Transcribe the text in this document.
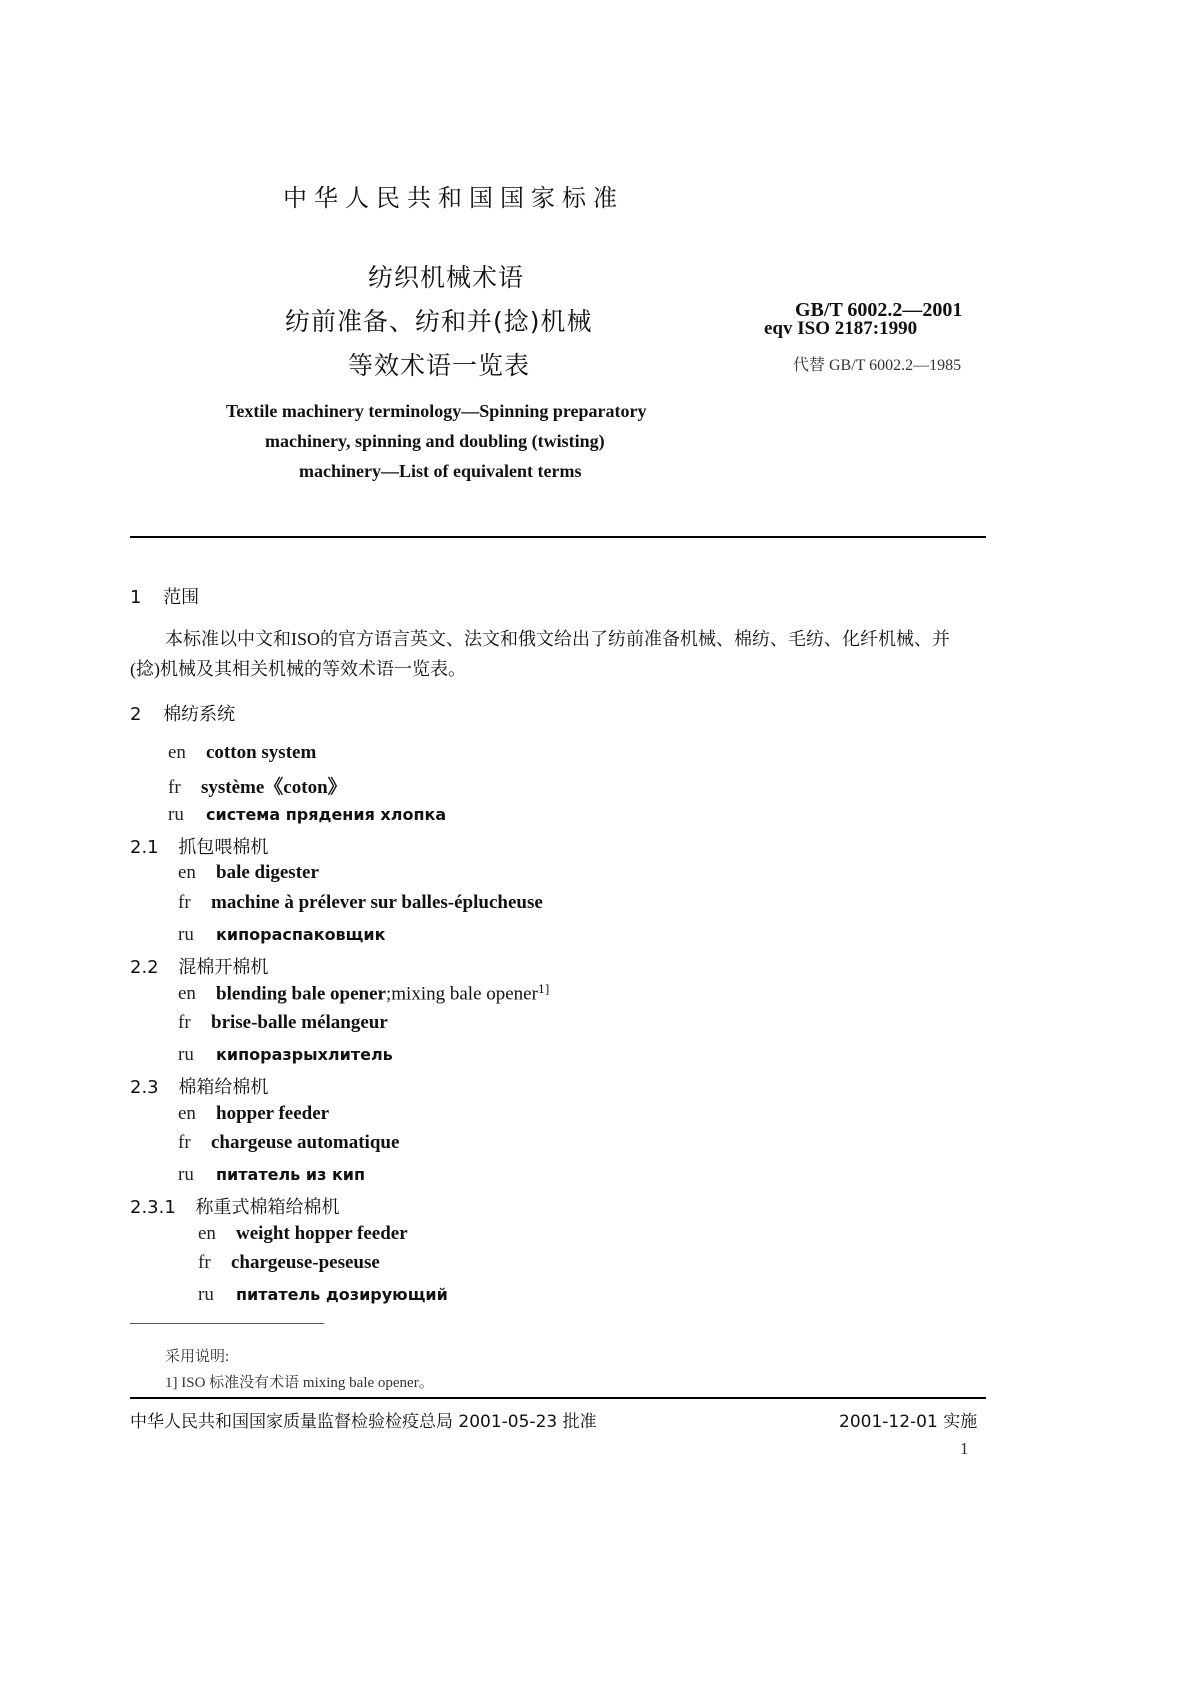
中华人民共和国国家标准
纺织机械术语
纺前准备、纺和并(捻)机械
等效术语一览表
GB/T 6002.2—2001
eqv ISO 2187:1990
代替 GB/T 6002.2—1985
Textile machinery terminology—Spinning preparatory
machinery, spinning and doubling (twisting)
machinery—List of equivalent terms
1 范围
本标准以中文和ISO的官方语言英文、法文和俄文给出了纺前准备机械、棉纺、毛纺、化纤机械、并
(捻)机械及其相关机械的等效术语一览表。
2 棉纺系统
en cotton system
fr système《coton》
ru система прядения хлопка
2.1 抓包喂棉机
en bale digester
fr machine à prélever sur balles-éplucheuse
ru кипораспаковщик
2.2 混棉开棉机
en blending bale opener;mixing bale opener$^{1]}$
fr brise-balle mélangeur
ru кипоразрыхлитель
2.3 棉箱给棉机
en hopper feeder
fr chargeuse automatique
ru питатель из кип
2.3.1 称重式棉箱给棉机
en weight hopper feeder
fr chargeuse-peseuse
ru питатель дозирующий
采用说明:
1] ISO 标准没有术语 mixing bale opener。
中华人民共和国国家质量监督检验检疫总局 2001-05-23 批准	2001-12-01 实施
1
